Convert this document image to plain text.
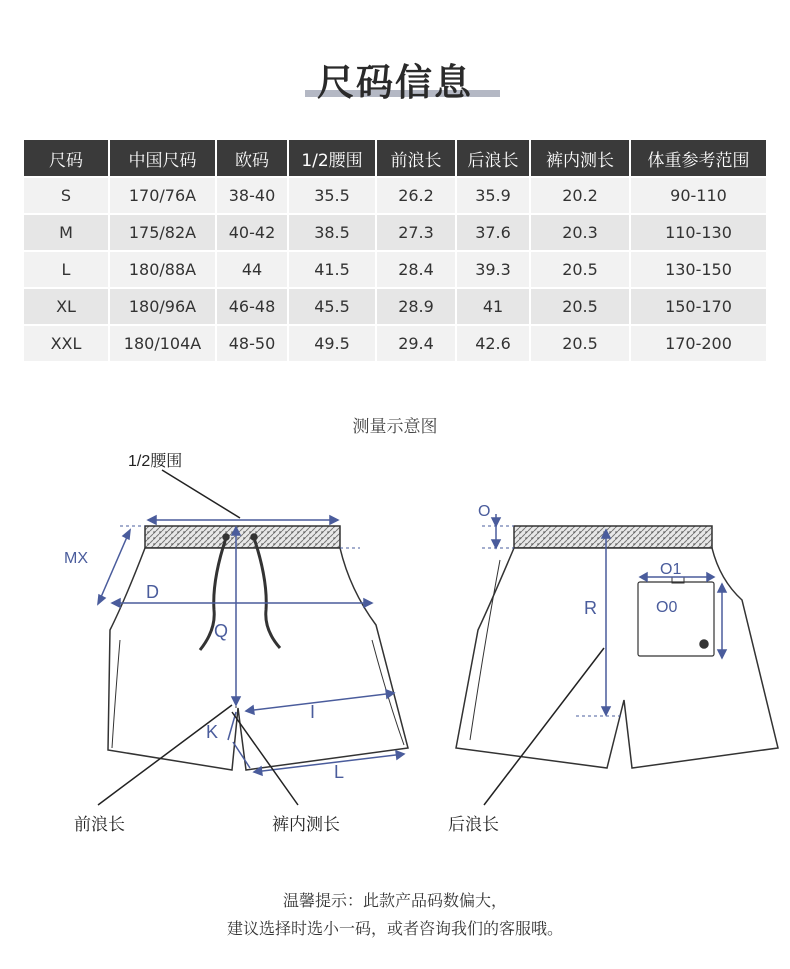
尺码信息
尺码	中国尺码	欧码	1/2腰围	前浪长	后浪长	裤内测长	体重参考范围
S	170/76A	38-40	35.5	26.2	35.9	20.2	90-110
M	175/82A	40-42	38.5	27.3	37.6	20.3	110-130
L	180/88A	44	41.5	28.4	39.3	20.5	130-150
XL	180/96A	46-48	45.5	28.9	41	20.5	150-170
XXL	180/104A	48-50	49.5	29.4	42.6	20.5	170-200
测量示意图
1/2腰围
MX
D
Q
K
I
L
前浪长	裤内测长	后浪长
O
R
O1
O0
温馨提示：此款产品码数偏大，
建议选择时选小一码，或者咨询我们的客服哦。
